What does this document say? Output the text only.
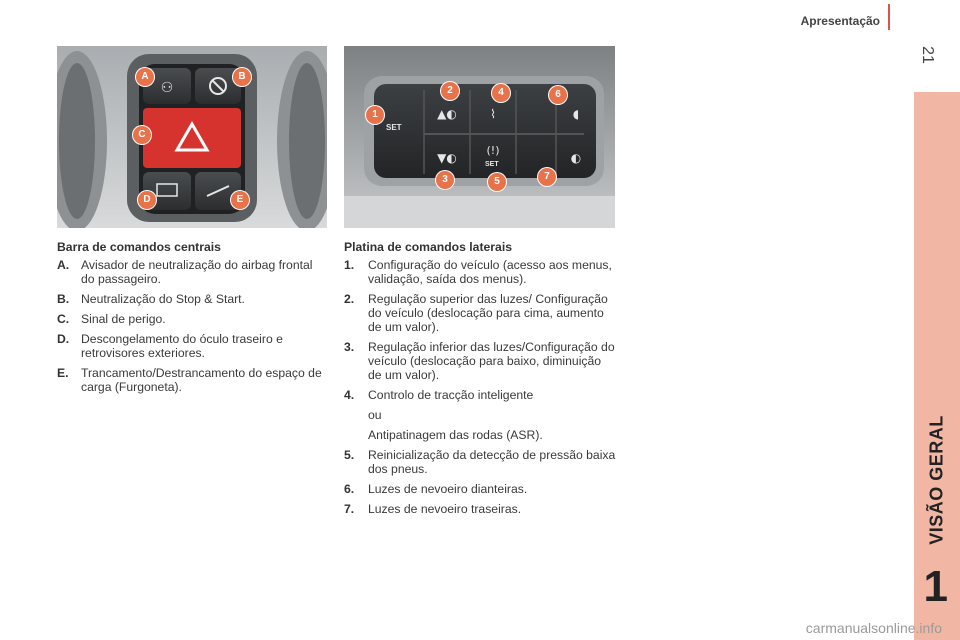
Apresentação
21
VISÃO GERAL
1
⚇
A	B
C
D	E
▲◐	⌇	◖
▼◐
(!)
◐
SET
SET
1
2
3
4
5
6
7
Barra de comandos centrais
A. Avisador de neutralização do airbag frontal do passageiro.
B. Neutralização do Stop & Start.
C. Sinal de perigo.
D. Descongelamento do óculo traseiro e retrovisores exteriores.
E.	Trancamento/Destrancamento do espaço de carga (Furgoneta).
Platina de comandos laterais
1.	Configuração do veículo (acesso aos menus, validação, saída dos menus).
2.	Regulação superior das luzes/ Configuração do veículo (deslocação para cima, aumento de um valor).
3.	Regulação inferior das luzes/Configuração do veículo (deslocação para baixo, diminuição de um valor).
4.	Controlo de tracção inteligente
ou
Antipatinagem das rodas (ASR).
5.	Reinicialização da detecção de pressão baixa dos pneus.
6.	Luzes de nevoeiro dianteiras.
7.	Luzes de nevoeiro traseiras.
carmanualsonline.info
